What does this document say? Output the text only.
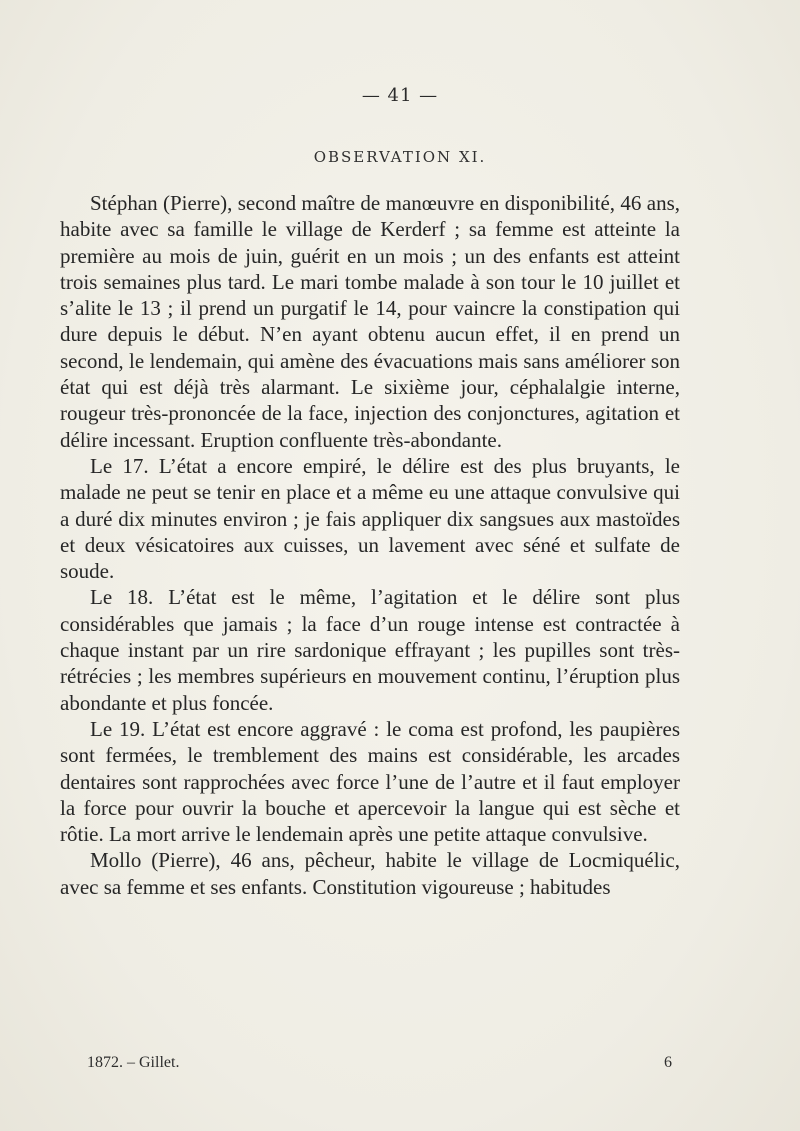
— 41 —
OBSERVATION XI.

Stéphan (Pierre), second maître de manœuvre en disponibilité, 46 ans, habite avec sa famille le village de Kerderf ; sa femme est atteinte la première au mois de juin, guérit en un mois ; un des enfants est atteint trois semaines plus tard. Le mari tombe malade à son tour le 10 juillet et s’alite le 13 ; il prend un purgatif le 14, pour vaincre la constipation qui dure depuis le début. N’en ayant obtenu aucun effet, il en prend un second, le lendemain, qui amène des évacuations mais sans améliorer son état qui est déjà très alarmant. Le sixième jour, céphalalgie interne, rougeur très-prononcée de la face, injection des conjonctures, agitation et délire incessant. Eruption confluente très-abondante.

Le 17. L’état a encore empiré, le délire est des plus bruyants, le malade ne peut se tenir en place et a même eu une attaque convulsive qui a duré dix minutes environ ; je fais appliquer dix sangsues aux mastoïdes et deux vésicatoires aux cuisses, un lavement avec séné et sulfate de soude.

Le 18. L’état est le même, l’agitation et le délire sont plus considérables que jamais ; la face d’un rouge intense est contractée à chaque instant par un rire sardonique effrayant ; les pupilles sont très-rétrécies ; les membres supérieurs en mouvement continu, l’éruption plus abondante et plus foncée.

Le 19. L’état est encore aggravé : le coma est profond, les paupières sont fermées, le tremblement des mains est considérable, les arcades dentaires sont rapprochées avec force l’une de l’autre et il faut employer la force pour ouvrir la bouche et apercevoir la langue qui est sèche et rôtie. La mort arrive le lendemain après une petite attaque convulsive.

Mollo (Pierre), 46 ans, pêcheur, habite le village de Locmiquélic, avec sa femme et ses enfants. Constitution vigoureuse ; habitudes

1872. – Gillet.	6
